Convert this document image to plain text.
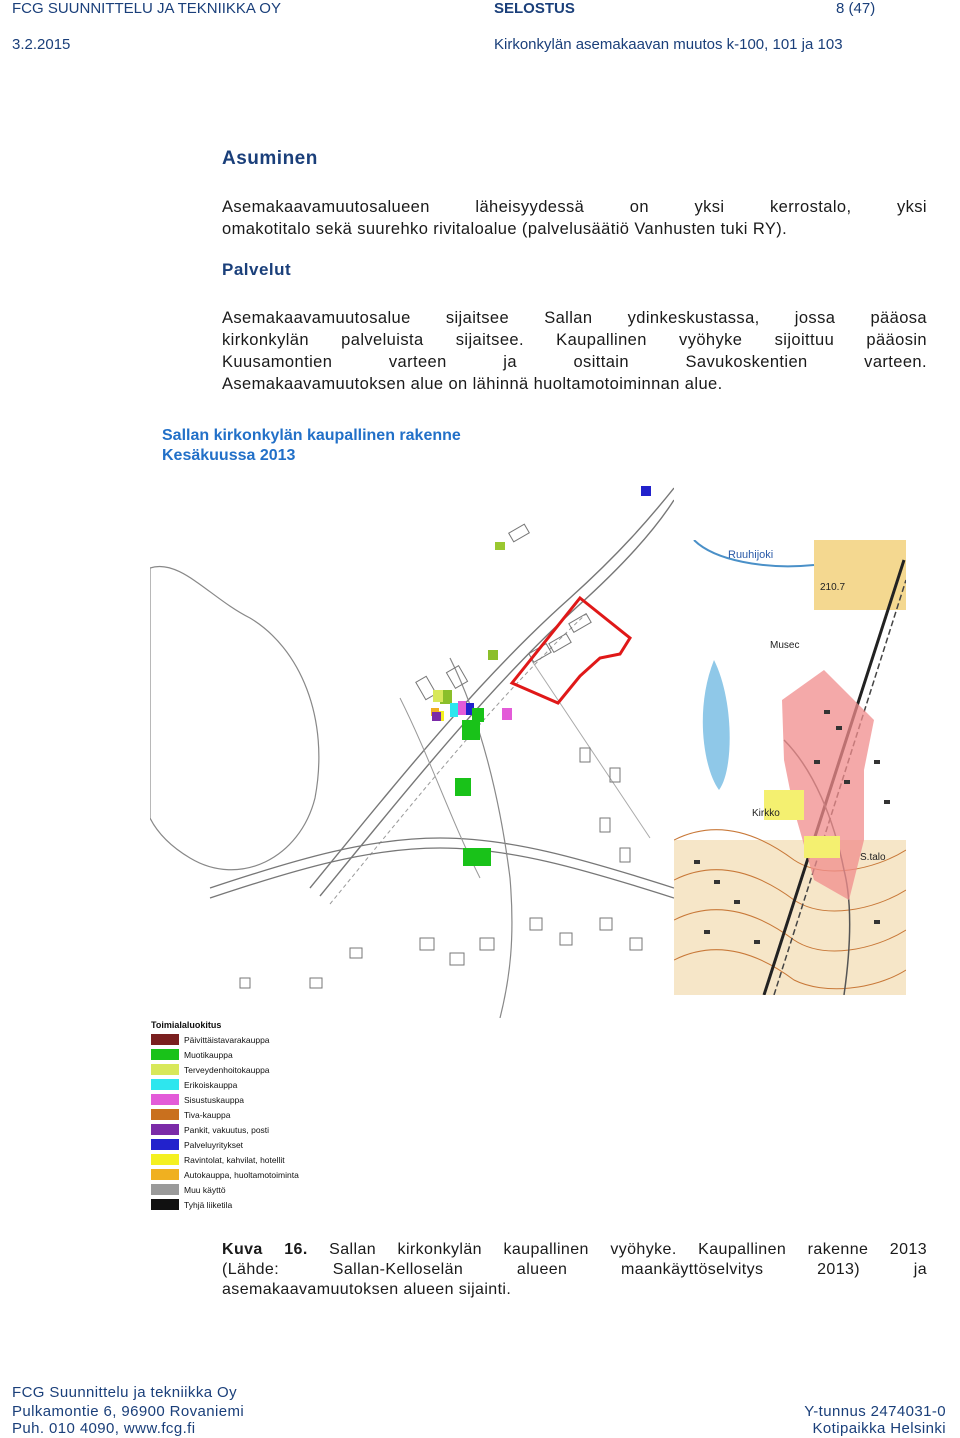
FCG SUUNNITTELU JA TEKNIIKKA OY	SELOSTUS	8 (47)
3.2.2015	Kirkonkylän asemakaavan muutos k-100, 101 ja 103
Asuminen
Asemakaavamuutosalueen läheisyydessä on yksi kerrostalo, yksi
omakotitalo sekä suurehko rivitaloalue (palvelusäätiö Vanhusten tuki RY).
Palvelut
Asemakaavamuutosalue sijaitsee Sallan ydinkeskustassa, jossa pääosa
kirkonkylän palveluista sijaitsee. Kaupallinen vyöhyke sijoittuu pääosin
Kuusamontien varteen ja osittain Savukoskentien varteen.
Asemakaavamuutoksen alue on lähinnä huoltamotoiminnan alue.
Sallan kirkonkylän kaupallinen rakenne
Kesäkuussa 2013
Ruuhijoki
210.7
Musec
Kirkko
S.talo
Toimialaluokitus
Päivittäistavarakauppa
Muotikauppa
Terveydenhoitokauppa
Erikoiskauppa
Sisustuskauppa
Tiva-kauppa
Pankit, vakuutus, posti
Palveluyritykset
Ravintolat, kahvilat, hotellit
Autokauppa, huoltamotoiminta
Muu käyttö
Tyhjä liiketila
Kuva 16. Sallan kirkonkylän kaupallinen vyöhyke. Kaupallinen rakenne 2013
(Lähde: Sallan-Kelloselän alueen maankäyttöselvitys 2013) ja
asemakaavamuutoksen alueen sijainti.
FCG Suunnittelu ja tekniikka Oy
Pulkamontie 6, 96900 Rovaniemi
Puh. 010 4090, www.fcg.fi
Y-tunnus 2474031-0
Kotipaikka Helsinki
